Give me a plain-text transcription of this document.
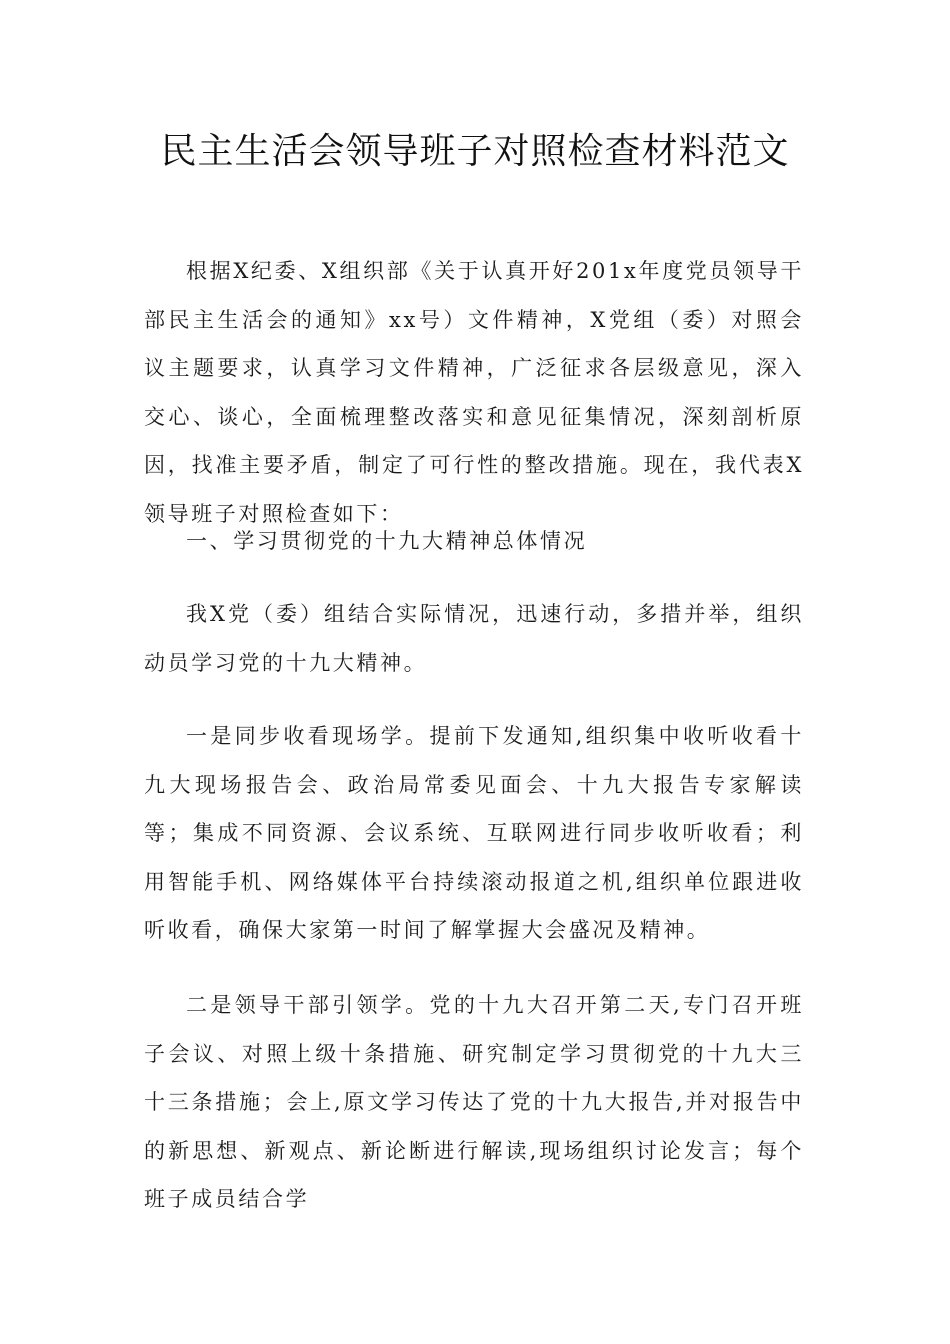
民主生活会领导班子对照检查材料范文

根据X纪委、X组织部《关于认真开好201x年度党员领导干部民主生活会的通知》xx号）文件精神，X党组（委）对照会议主题要求，认真学习文件精神，广泛征求各层级意见，深入交心、谈心，全面梳理整改落实和意见征集情况，深刻剖析原因，找准主要矛盾，制定了可行性的整改措施。现在，我代表X领导班子对照检查如下：

一、学习贯彻党的十九大精神总体情况

我X党（委）组结合实际情况，迅速行动，多措并举，组织动员学习党的十九大精神。

一是同步收看现场学。提前下发通知,组织集中收听收看十九大现场报告会、政治局常委见面会、十九大报告专家解读等；集成不同资源、会议系统、互联网进行同步收听收看；利用智能手机、网络媒体平台持续滚动报道之机,组织单位跟进收听收看，确保大家第一时间了解掌握大会盛况及精神。

二是领导干部引领学。党的十九大召开第二天,专门召开班子会议、对照上级十条措施、研究制定学习贯彻党的十九大三十三条措施；会上,原文学习传达了党的十九大报告,并对报告中的新思想、新观点、新论断进行解读,现场组织讨论发言；每个班子成员结合学
